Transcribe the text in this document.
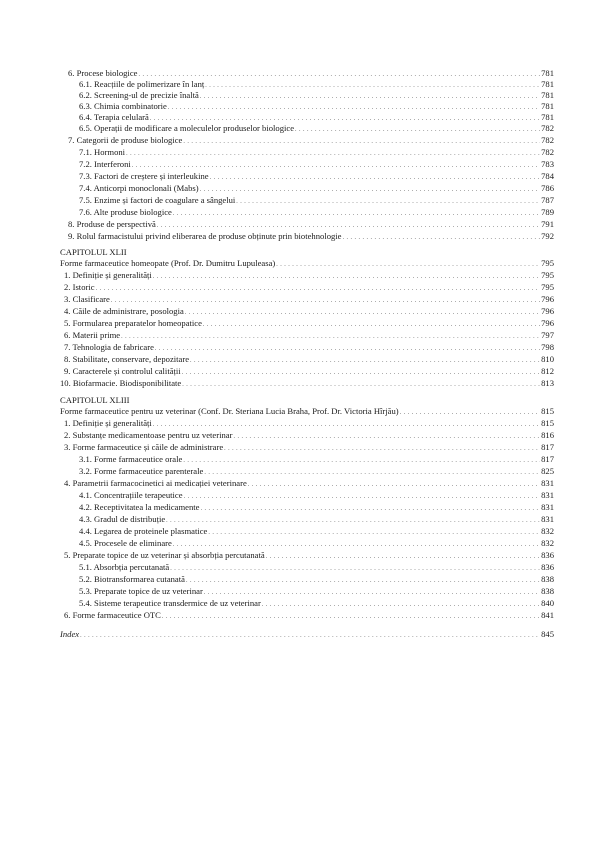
6. Procese biologice . . .	781
6.1. Reacțiile de polimerizare în lanț . . .	781
6.2. Screening-ul de precizie înaltă . . .	781
6.3. Chimia combinatorie . . .	781
6.4. Terapia celulară . . .	781
6.5. Operații de modificare a moleculelor produselor biologice . . .	782
7. Categorii de produse biologice . . .	782
7.1. Hormoni . . .	782
7.2. Interferoni . . .	783
7.3. Factori de creștere și interleukine . . .	784
7.4. Anticorpi monoclonali (Mabs) . . .	786
7.5. Enzime și factori de coagulare a sângelui . . .	787
7.6. Alte produse biologice . . .	789
8. Produse de perspectivă . . .	791
9. Rolul farmacistului privind eliberarea de produse obținute prin biotehnologie . . .	792
CAPITOLUL XLII
Forme farmaceutice homeopate (Prof. Dr. Dumitru Lupuleasa) . . .	795
1. Definiție și generalități . . .	795
2. Istoric . . .	795
3. Clasificare . . .	796
4. Căile de administrare, posologia . . .	796
5. Formularea preparatelor homeopatice . . .	796
6. Materii prime . . .	797
7. Tehnologia de fabricare . . .	798
8. Stabilitate, conservare, depozitare . . .	810
9. Caracterele și controlul calității . . .	812
10. Biofarmacie. Biodisponibilitate . . .	813
CAPITOLUL XLIII
Forme farmaceutice pentru uz veterinar (Conf. Dr. Steriana Lucia Braha, Prof. Dr. Victoria Hîrjău) . . .	815
1. Definiție și generalități . . .	815
2. Substanțe medicamentoase pentru uz veterinar . . .	816
3. Forme farmaceutice și căile de administrare . . .	817
3.1. Forme farmaceutice orale . . .	817
3.2. Forme farmaceutice parenterale . . .	825
4. Parametrii farmacocinetici ai medicației veterinare . . .	831
4.1. Concentrațiile terapeutice . . .	831
4.2. Receptivitatea la medicamente . . .	831
4.3. Gradul de distribuție . . .	831
4.4. Legarea de proteinele plasmatice . . .	832
4.5. Procesele de eliminare . . .	832
5. Preparate topice de uz veterinar și absorbția percutanată . . .	836
5.1. Absorbția percutanată . . .	836
5.2. Biotransformarea cutanată . . .	838
5.3. Preparate topice de uz veterinar . . .	838
5.4. Sisteme terapeutice transdermice de uz veterinar . . .	840
6. Forme farmaceutice OTC . . .	841
Index . . .	845
